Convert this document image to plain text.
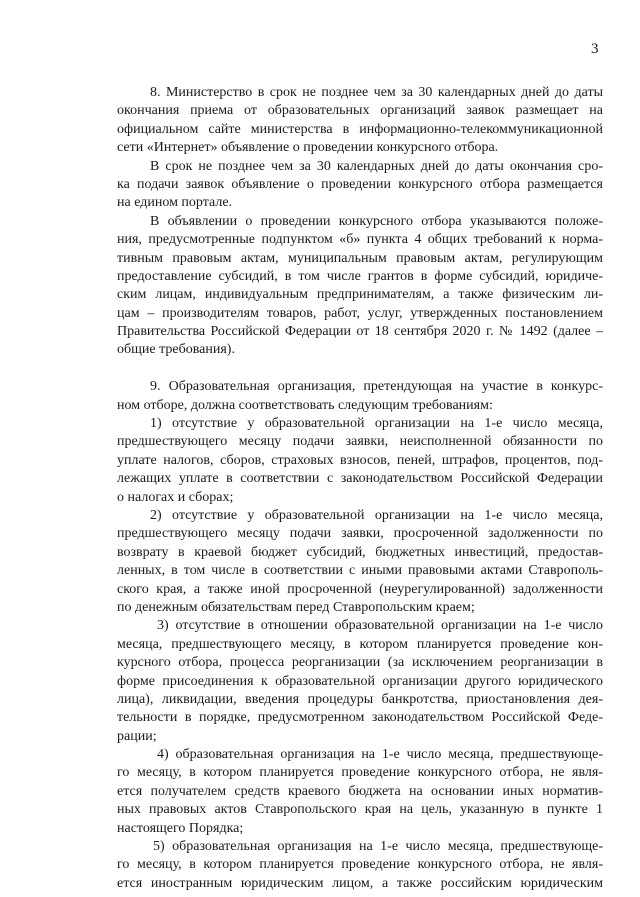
3
8. Министерство в срок не позднее чем за 30 календарных дней до даты
окончания приема от образовательных организаций заявок размещает на
официальном сайте министерства в информационно-телекоммуникационной
сети «Интернет» объявление о проведении конкурсного отбора.
В срок не позднее чем за 30 календарных дней до даты окончания сро-
ка подачи заявок объявление о проведении конкурсного отбора размещается
на едином портале.
В объявлении о проведении конкурсного отбора указываются положе-
ния, предусмотренные подпунктом «б» пункта 4 общих требований к норма-
тивным правовым актам, муниципальным правовым актам, регулирующим
предоставление субсидий, в том числе грантов в форме субсидий, юридиче-
ским лицам, индивидуальным предпринимателям, а также физическим ли-
цам – производителям товаров, работ, услуг, утвержденных постановлением
Правительства Российской Федерации от 18 сентября 2020 г. № 1492 (далее –
общие требования).
9. Образовательная организация, претендующая на участие в конкурс-
ном отборе, должна соответствовать следующим требованиям:
1) отсутствие у образовательной организации на 1-е число месяца,
предшествующего месяцу подачи заявки, неисполненной обязанности по
уплате налогов, сборов, страховых взносов, пеней, штрафов, процентов, под-
лежащих уплате в соответствии с законодательством Российской Федерации
о налогах и сборах;
2) отсутствие у образовательной организации на 1-е число месяца,
предшествующего месяцу подачи заявки, просроченной задолженности по
возврату в краевой бюджет субсидий, бюджетных инвестиций, предостав-
ленных, в том числе в соответствии с иными правовыми актами Ставрополь-
ского края, а также иной просроченной (неурегулированной) задолженности
по денежным обязательствам перед Ставропольским краем;
3) отсутствие в отношении образовательной организации на 1-е число
месяца, предшествующего месяцу, в котором планируется проведение кон-
курсного отбора, процесса реорганизации (за исключением реорганизации в
форме присоединения к образовательной организации другого юридического
лица), ликвидации, введения процедуры банкротства, приостановления дея-
тельности в порядке, предусмотренном законодательством Российской Феде-
рации;
4) образовательная организация на 1-е число месяца, предшествующе-
го месяцу, в котором планируется проведение конкурсного отбора, не явля-
ется получателем средств краевого бюджета на основании иных норматив-
ных правовых актов Ставропольского края на цель, указанную в пункте 1
настоящего Порядка;
5) образовательная организация на 1-е число месяца, предшествующе-
го месяцу, в котором планируется проведение конкурсного отбора, не явля-
ется иностранным юридическим лицом, а также российским юридическим
